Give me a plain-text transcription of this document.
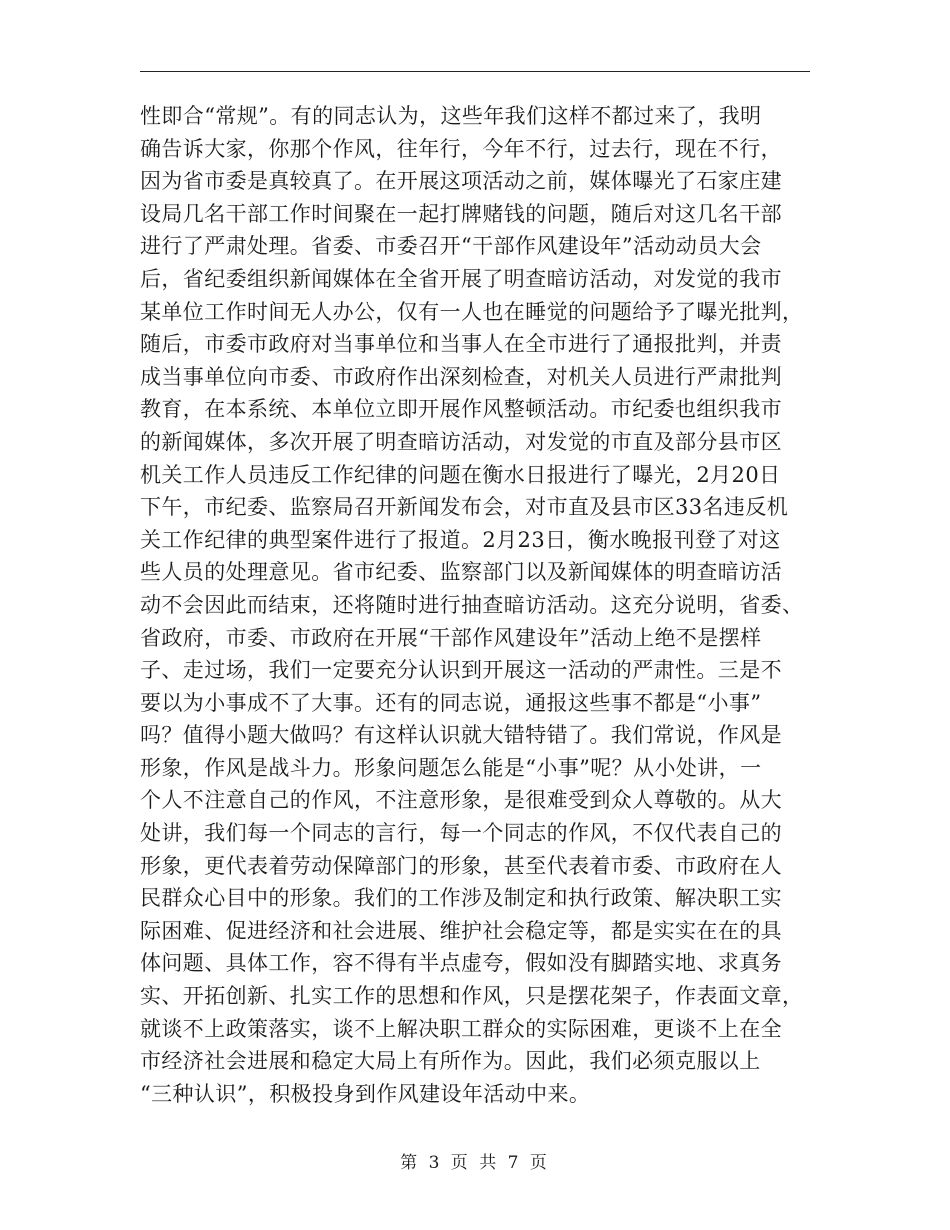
性即合“常规”。有的同志认为，这些年我们这样不都过来了，我明
确告诉大家，你那个作风，往年行，今年不行，过去行，现在不行，
因为省市委是真较真了。在开展这项活动之前，媒体曝光了石家庄建
设局几名干部工作时间聚在一起打牌赌钱的问题，随后对这几名干部
进行了严肃处理。省委、市委召开“干部作风建设年”活动动员大会
后，省纪委组织新闻媒体在全省开展了明查暗访活动，对发觉的我市
某单位工作时间无人办公，仅有一人也在睡觉的问题给予了曝光批判，
随后，市委市政府对当事单位和当事人在全市进行了通报批判，并责
成当事单位向市委、市政府作出深刻检查，对机关人员进行严肃批判
教育，在本系统、本单位立即开展作风整顿活动。市纪委也组织我市
的新闻媒体，多次开展了明查暗访活动，对发觉的市直及部分县市区
机关工作人员违反工作纪律的问题在衡水日报进行了曝光，2月20日
下午，市纪委、监察局召开新闻发布会，对市直及县市区33名违反机
关工作纪律的典型案件进行了报道。2月23日，衡水晚报刊登了对这
些人员的处理意见。省市纪委、监察部门以及新闻媒体的明查暗访活
动不会因此而结束，还将随时进行抽查暗访活动。这充分说明，省委、
省政府，市委、市政府在开展“干部作风建设年”活动上绝不是摆样
子、走过场，我们一定要充分认识到开展这一活动的严肃性。三是不
要以为小事成不了大事。还有的同志说，通报这些事不都是“小事”
吗？值得小题大做吗？有这样认识就大错特错了。我们常说，作风是
形象，作风是战斗力。形象问题怎么能是“小事”呢？从小处讲，一
个人不注意自己的作风，不注意形象，是很难受到众人尊敬的。从大
处讲，我们每一个同志的言行，每一个同志的作风，不仅代表自己的
形象，更代表着劳动保障部门的形象，甚至代表着市委、市政府在人
民群众心目中的形象。我们的工作涉及制定和执行政策、解决职工实
际困难、促进经济和社会进展、维护社会稳定等，都是实实在在的具
体问题、具体工作，容不得有半点虚夸，假如没有脚踏实地、求真务
实、开拓创新、扎实工作的思想和作风，只是摆花架子，作表面文章，
就谈不上政策落实，谈不上解决职工群众的实际困难，更谈不上在全
市经济社会进展和稳定大局上有所作为。因此，我们必须克服以上
“三种认识”，积极投身到作风建设年活动中来。
第 3 页 共 7 页
